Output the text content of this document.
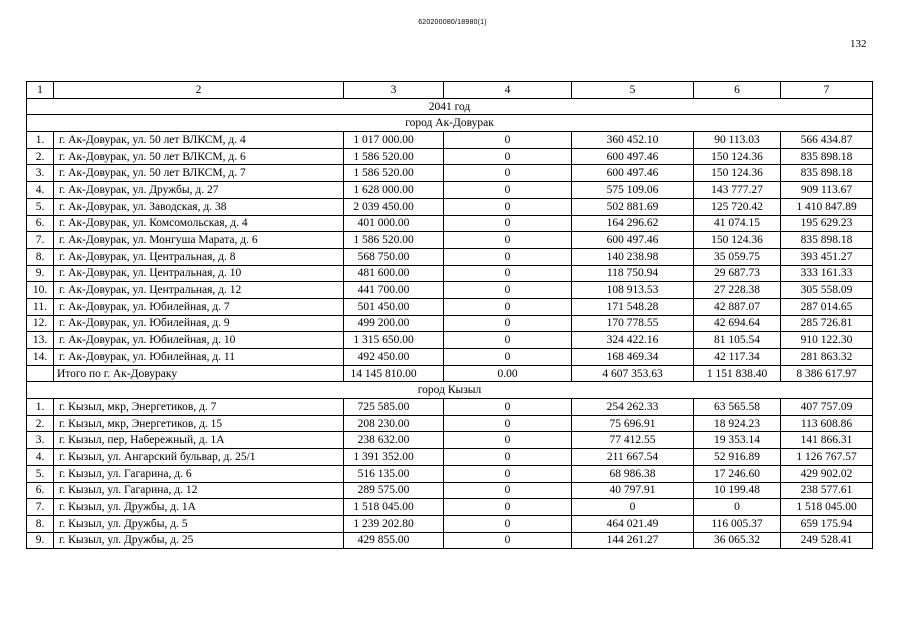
620200080/18980(1)
132
1	2	3	4	5	6	7
2041 год						
город Ак-Довурак						
1.	г. Ак-Довурак, ул. 50 лет ВЛКСМ, д. 4	1 017 000.00	0	360 452.10	90 113.03	566 434.87
2.	г. Ак-Довурак, ул. 50 лет ВЛКСМ, д. 6	1 586 520.00	0	600 497.46	150 124.36	835 898.18
3.	г. Ак-Довурак, ул. 50 лет ВЛКСМ, д. 7	1 586 520.00	0	600 497.46	150 124.36	835 898.18
4.	г. Ак-Довурак, ул. Дружбы, д. 27	1 628 000.00	0	575 109.06	143 777.27	909 113.67
5.	г. Ак-Довурак, ул. Заводская, д. 38	2 039 450.00	0	502 881.69	125 720.42	1 410 847.89
6.	г. Ак-Довурак, ул. Комсомольская, д. 4	401 000.00	0	164 296.62	41 074.15	195 629.23
7.	г. Ак-Довурак, ул. Монгуша Марата, д. 6	1 586 520.00	0	600 497.46	150 124.36	835 898.18
8.	г. Ак-Довурак, ул. Центральная, д. 8	568 750.00	0	140 238.98	35 059.75	393 451.27
9.	г. Ак-Довурак, ул. Центральная, д. 10	481 600.00	0	118 750.94	29 687.73	333 161.33
10.	г. Ак-Довурак, ул. Центральная, д. 12	441 700.00	0	108 913.53	27 228.38	305 558.09
11.	г. Ак-Довурак, ул. Юбилейная, д. 7	501 450.00	0	171 548.28	42 887.07	287 014.65
12.	г. Ак-Довурак, ул. Юбилейная, д. 9	499 200.00	0	170 778.55	42 694.64	285 726.81
13.	г. Ак-Довурак, ул. Юбилейная, д. 10	1 315 650.00	0	324 422.16	81 105.54	910 122.30
14.	г. Ак-Довурак, ул. Юбилейная, д. 11	492 450.00	0	168 469.34	42 117.34	281 863.32
	Итого по г. Ак-Довураку	14 145 810.00	0.00	4 607 353.63	1 151 838.40	8 386 617.97
город Кызыл						
1.	г. Кызыл, мкр, Энергетиков, д. 7	725 585.00	0	254 262.33	63 565.58	407 757.09
2.	г. Кызыл, мкр, Энергетиков, д. 15	208 230.00	0	75 696.91	18 924.23	113 608.86
3.	г. Кызыл, пер, Набережный, д. 1А	238 632.00	0	77 412.55	19 353.14	141 866.31
4.	г. Кызыл, ул. Ангарский бульвар, д. 25/1	1 391 352.00	0	211 667.54	52 916.89	1 126 767.57
5.	г. Кызыл, ул. Гагарина, д. 6	516 135.00	0	68 986.38	17 246.60	429 902.02
6.	г. Кызыл, ул. Гагарина, д. 12	289 575.00	0	40 797.91	10 199.48	238 577.61
7.	г. Кызыл, ул. Дружбы, д. 1А	1 518 045.00	0	0	0	1 518 045.00
8.	г. Кызыл, ул. Дружбы, д. 5	1 239 202.80	0	464 021.49	116 005.37	659 175.94
9.	г. Кызыл, ул. Дружбы, д. 25	429 855.00	0	144 261.27	36 065.32	249 528.41
